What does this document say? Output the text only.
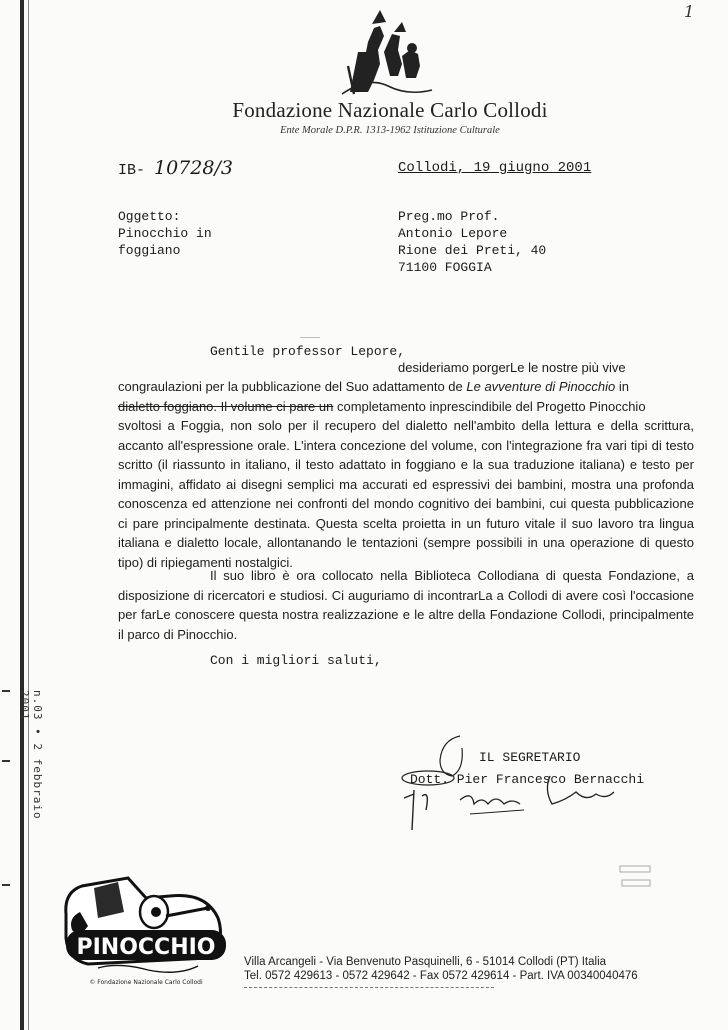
n.03 • 2 febbraio 2001
1
Fondazione Nazionale Carlo Collodi
Ente Morale D.P.R. 1313-1962 Istituzione Culturale
IB- 10728/3	Collodi, 19 giugno 2001
Oggetto:
Pinocchio in
foggiano
Preg.mo Prof.
Antonio Lepore
Rione dei Preti, 40
71100 FOGGIA
Gentile professor Lepore,
desideriamo porgerLe le nostre più vive
congraulazioni per la pubblicazione del Suo adattamento de Le avventure di Pinocchio in
dialetto foggiano. Il volume ci pare un completamento inprescindibile del Progetto Pinocchio
svoltosi a Foggia, non solo per il recupero del dialetto nell'ambito della lettura e della scrittura, accanto all'espressione orale. L'intera concezione del volume, con l'integrazione fra vari tipi di testo scritto (il riassunto in italiano, il testo adattato in foggiano e la sua traduzione italiana) e testo per immagini, affidato ai disegni semplici ma accurati ed espressivi dei bambini, mostra una profonda conoscenza ed attenzione nei confronti del mondo cognitivo dei bambini, cui questa pubblicazione ci pare principalmente destinata. Questa scelta proietta in un futuro vitale il suo lavoro tra lingua italiana e dialetto locale, allontanando le tentazioni (sempre possibili in una operazione di questo tipo) di ripiegamenti nostalgici.
Il suo libro è ora collocato nella Biblioteca Collodiana di questa Fondazione, a disposizione di ricercatori e studiosi. Ci auguriamo di incontrarLa a Collodi di avere così l'occasione per farLe conoscere questa nostra realizzazione e le altre della Fondazione Collodi, principalmente il parco di Pinocchio.
Con i migliori saluti,
IL SEGRETARIO
Dott. Pier Francesco Bernacchi
PINOCCHIO
© Fondazione Nazionale Carlo Collodi
Villa Arcangeli - Via Benvenuto Pasquinelli, 6 - 51014 Collodi (PT) Italia
Tel. 0572 429613 - 0572 429642 - Fax 0572 429614 - Part. IVA 00340040476
